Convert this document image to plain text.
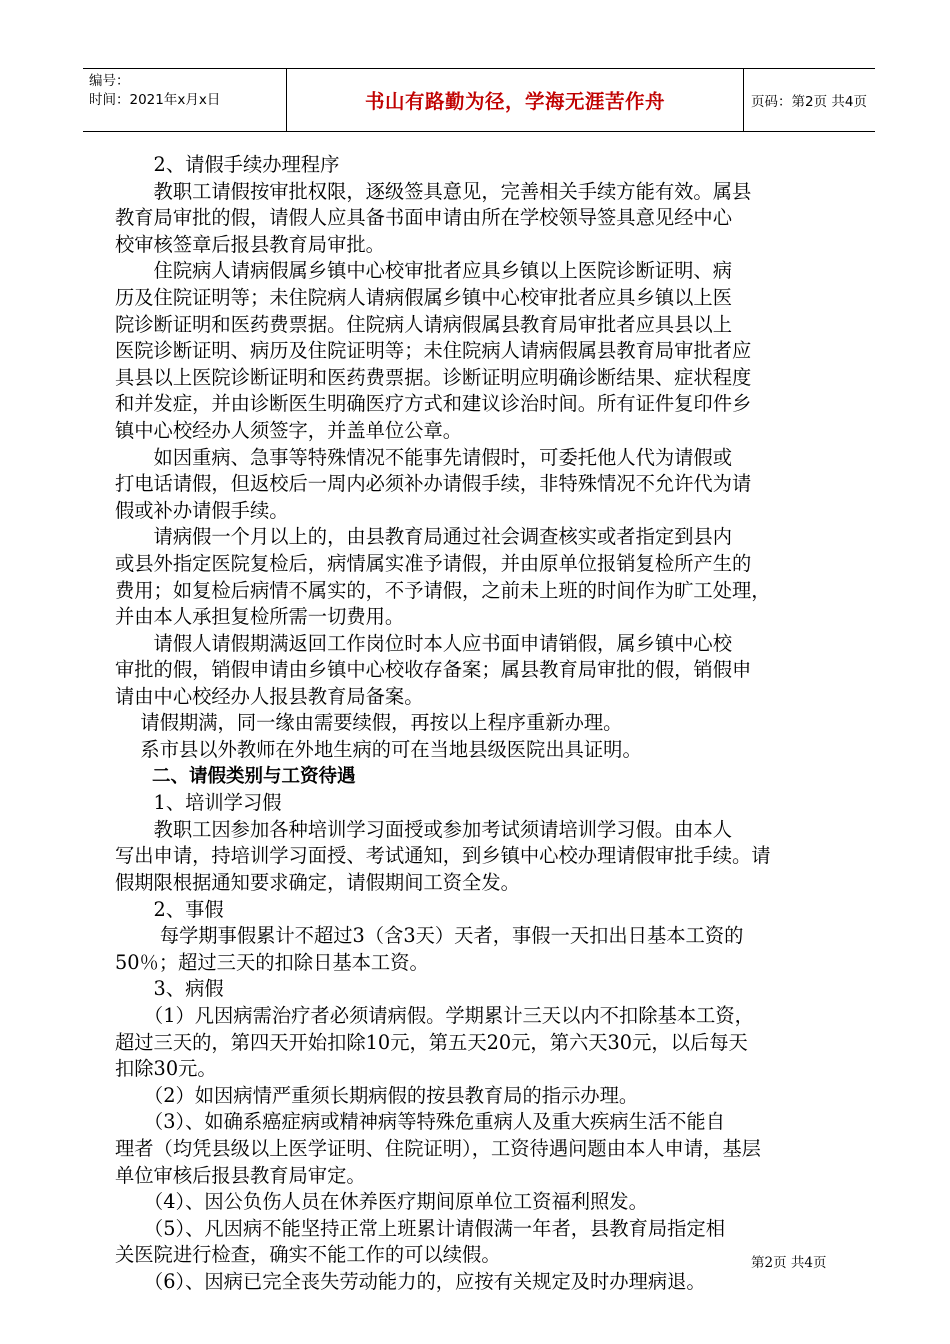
编号：
时间：2021年x月x日	书山有路勤为径，学海无涯苦作舟	页码：第2页 共4页
　　2、请假手续办理程序
　　教职工请假按审批权限，逐级签具意见，完善相关手续方能有效。属县
教育局审批的假，请假人应具备书面申请由所在学校领导签具意见经中心
校审核签章后报县教育局审批。
　　住院病人请病假属乡镇中心校审批者应具乡镇以上医院诊断证明、病
历及住院证明等；未住院病人请病假属乡镇中心校审批者应具乡镇以上医
院诊断证明和医药费票据。住院病人请病假属县教育局审批者应具县以上
医院诊断证明、病历及住院证明等；未住院病人请病假属县教育局审批者应
具县以上医院诊断证明和医药费票据。诊断证明应明确诊断结果、症状程度
和并发症，并由诊断医生明确医疗方式和建议诊治时间。所有证件复印件乡
镇中心校经办人须签字，并盖单位公章。
　　如因重病、急事等特殊情况不能事先请假时，可委托他人代为请假或
打电话请假，但返校后一周内必须补办请假手续，非特殊情况不允许代为请
假或补办请假手续。
　　请病假一个月以上的，由县教育局通过社会调查核实或者指定到县内
或县外指定医院复检后，病情属实准予请假，并由原单位报销复检所产生的
费用；如复检后病情不属实的，不予请假，之前未上班的时间作为旷工处理，
并由本人承担复检所需一切费用。
　　请假人请假期满返回工作岗位时本人应书面申请销假，属乡镇中心校
审批的假，销假申请由乡镇中心校收存备案；属县教育局审批的假，销假申
请由中心校经办人报县教育局备案。
　 请假期满，同一缘由需要续假，再按以上程序重新办理。
　 系市县以外教师在外地生病的可在当地县级医院出具证明。
　　二、请假类别与工资待遇
　　1、培训学习假
　　教职工因参加各种培训学习面授或参加考试须请培训学习假。由本人
写出申请，持培训学习面授、考试通知，到乡镇中心校办理请假审批手续。请
假期限根据通知要求确定，请假期间工资全发。
　　2、事假
　　 每学期事假累计不超过3（含3天）天者，事假一天扣出日基本工资的
50％；超过三天的扣除日基本工资。
　　3、病假
　　（1）凡因病需治疗者必须请病假。学期累计三天以内不扣除基本工资，
超过三天的，第四天开始扣除10元，第五天20元，第六天30元，以后每天
扣除30元。
　　（2）如因病情严重须长期病假的按县教育局的指示办理。
　　（3）、如确系癌症病或精神病等特殊危重病人及重大疾病生活不能自
理者（均凭县级以上医学证明、住院证明），工资待遇问题由本人申请，基层
单位审核后报县教育局审定。
　　（4）、因公负伤人员在休养医疗期间原单位工资福利照发。
　　（5）、凡因病不能坚持正常上班累计请假满一年者，县教育局指定相
关医院进行检查，确实不能工作的可以续假。
　　（6）、因病已完全丧失劳动能力的，应按有关规定及时办理病退。
第2页 共4页
